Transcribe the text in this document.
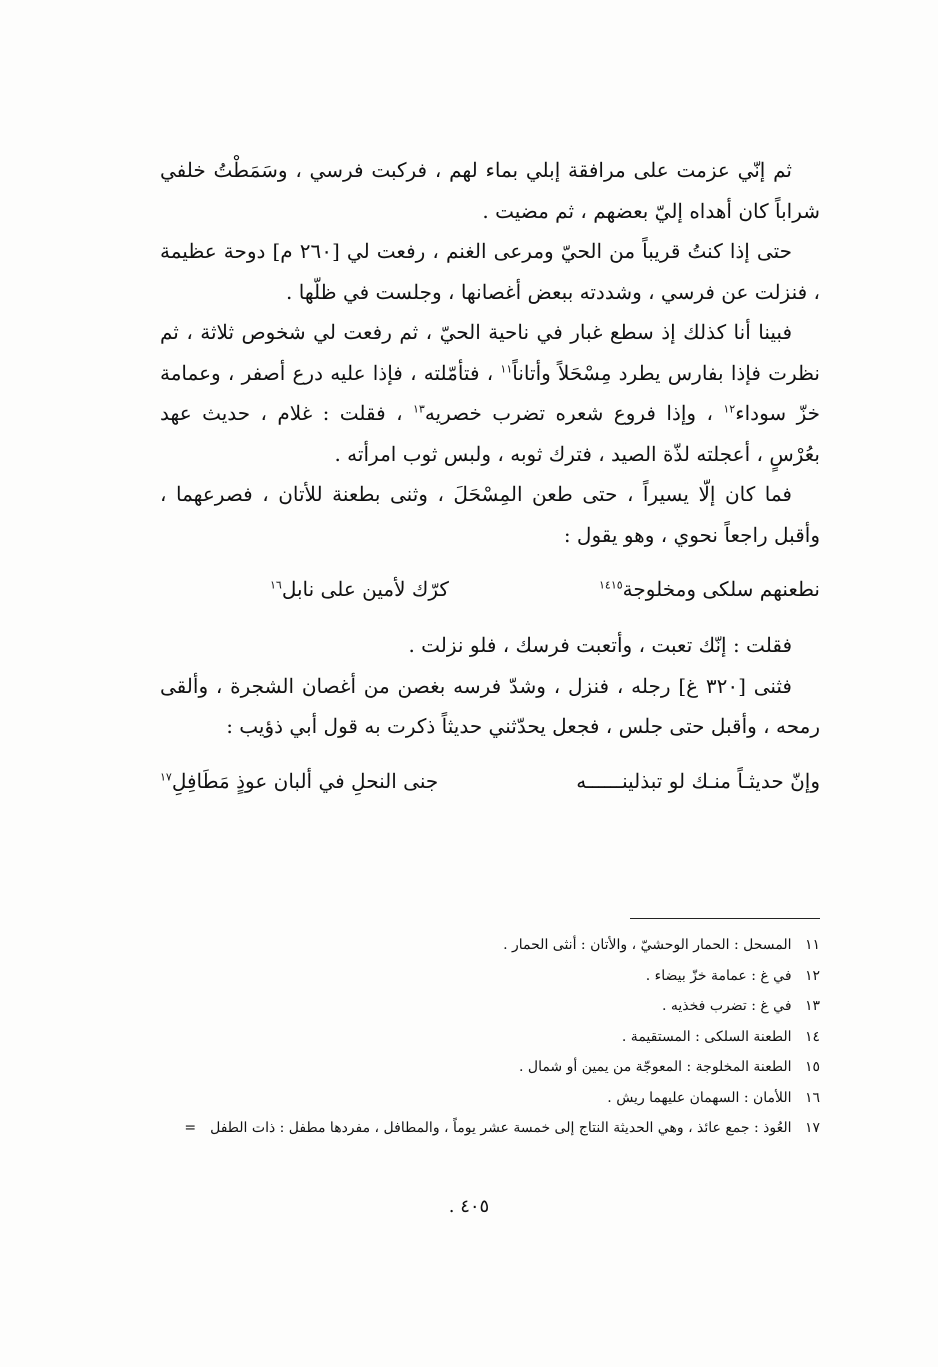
ثم إنّي عزمت على مرافقة إبلي بماء لهم ، فركبت فرسي ، وسَمَطْتُ خلفي شراباً كان أهداه إليّ بعضهم ، ثم مضيت .

حتى إذا كنتُ قريباً من الحيّ ومرعى الغنم ، رفعت لي [٢٦٠ م] دوحة عظيمة ، فنزلت عن فرسي ، وشددته ببعض أغصانها ، وجلست في ظلّها .

فبينا أنا كذلك إذ سطع غبار في ناحية الحيّ ، ثم رفعت لي شخوص ثلاثة ، ثم نظرت فإذا بفارس يطرد مِسْحَلاً وأتاناً$^{١١}$ ، فتأمّلته ، فإذا عليه درع أصفر ، وعمامة خزّ سوداء$^{١٢}$ ، وإذا فروع شعره تضرب خصريه$^{١٣}$ ، فقلت : غلام ، حديث عهد بعُرْسٍ ، أعجلته لذّة الصيد ، فترك ثوبه ، ولبس ثوب امرأته .

فما كان إلّا يسيراً ، حتى طعن المِسْحَلَ ، وثنى بطعنة للأتان ، فصرعهما ، وأقبل راجعاً نحوي ، وهو يقول :

نطعنهم سلكى ومخلوجة$^{١٤١٥}$
كرّك لأمين على نابل$^{١٦}$

فقلت : إنّك تعبت ، وأتعبت فرسك ، فلو نزلت .

فثنى [٣٢٠ غ] رجله ، فنزل ، وشدّ فرسه بغصن من أغصان الشجرة ، وألقى رمحه ، وأقبل حتى جلس ، فجعل يحدّثني حديثاً ذكرت به قول أبي ذؤيب :

وإنّ حديثـاً منـك لو تبذلينــــــه
جنى النحلِ في ألبان عوذٍ مَطَافِلِ$^{١٧}$

١١ المسحل : الحمار الوحشيّ ، والأتان : أنثى الحمار .

١٢ في غ : عمامة خزّ بيضاء .

١٣ في غ : تضرب فخذيه .

١٤ الطعنة السلكى : المستقيمة .

١٥ الطعنة المخلوجة : المعوجّة من يمين أو شمال .

١٦ اللأمان : السهمان عليهما ريش .

١٧ العُوذ : جمع عائذ ، وهي الحديثة النتاج إلى خمسة عشر يوماً ، والمطافل ، مفردها مطفل : ذات الطفل=

٤٠٥ .
